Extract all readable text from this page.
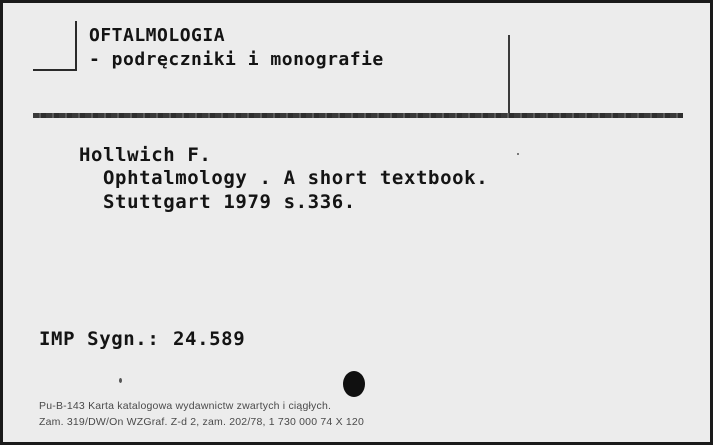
OFTALMOLOGIA
- podręczniki i monografie
Hollwich F.
Ophtalmology . A short textbook.
Stuttgart 1979 s.336.
IMP Sygn.: 24.589
Pu-B-143 Karta katalogowa wydawnictw zwartych i ciągłych.
Zam. 319/DW/On WZGraf. Z-d 2, zam. 202/78, 1 730 000 74 X 120
